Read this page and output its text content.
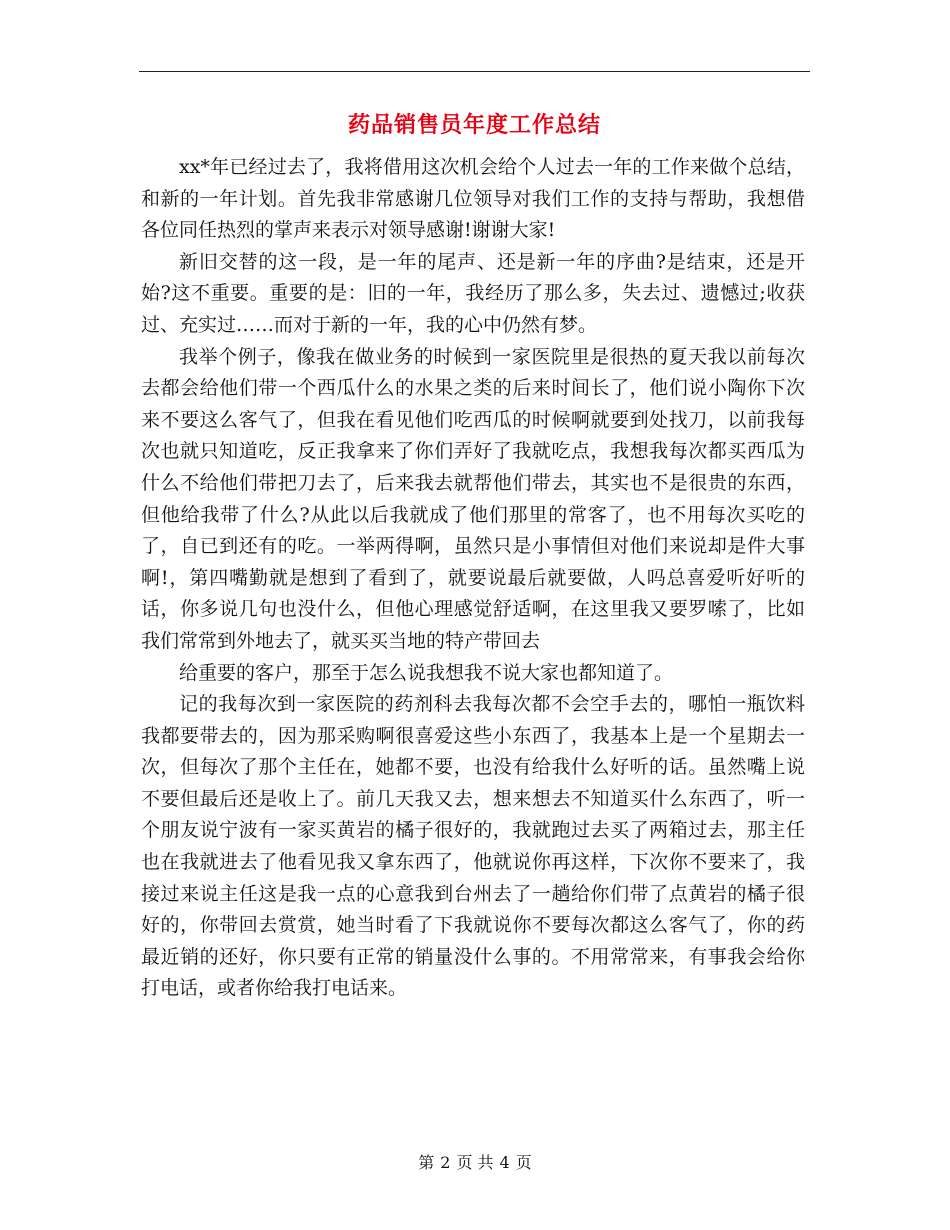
药品销售员年度工作总结

xx*年已经过去了，我将借用这次机会给个人过去一年的工作来做个总结，和新的一年计划。首先我非常感谢几位领导对我们工作的支持与帮助，我想借各位同任热烈的掌声来表示对领导感谢!谢谢大家!

新旧交替的这一段，是一年的尾声、还是新一年的序曲?是结束，还是开始?这不重要。重要的是：旧的一年，我经历了那么多，失去过、遗憾过;收获过、充实过……而对于新的一年，我的心中仍然有梦。

我举个例子，像我在做业务的时候到一家医院里是很热的夏天我以前每次去都会给他们带一个西瓜什么的水果之类的后来时间长了，他们说小陶你下次来不要这么客气了，但我在看见他们吃西瓜的时候啊就要到处找刀，以前我每次也就只知道吃，反正我拿来了你们弄好了我就吃点，我想我每次都买西瓜为什么不给他们带把刀去了，后来我去就帮他们带去，其实也不是很贵的东西，但他给我带了什么?从此以后我就成了他们那里的常客了，也不用每次买吃的了，自已到还有的吃。一举两得啊，虽然只是小事情但对他们来说却是件大事啊!，第四嘴勤就是想到了看到了，就要说最后就要做，人吗总喜爱听好听的话，你多说几句也没什么，但他心理感觉舒适啊，在这里我又要罗嗦了，比如我们常常到外地去了，就买买当地的特产带回去

给重要的客户，那至于怎么说我想我不说大家也都知道了。

记的我每次到一家医院的药剂科去我每次都不会空手去的，哪怕一瓶饮料我都要带去的，因为那采购啊很喜爱这些小东西了，我基本上是一个星期去一次，但每次了那个主任在，她都不要，也没有给我什么好听的话。虽然嘴上说不要但最后还是收上了。前几天我又去，想来想去不知道买什么东西了，听一个朋友说宁波有一家买黄岩的橘子很好的，我就跑过去买了两箱过去，那主任也在我就进去了他看见我又拿东西了，他就说你再这样，下次你不要来了，我接过来说主任这是我一点的心意我到台州去了一趟给你们带了点黄岩的橘子很好的，你带回去赏赏，她当时看了下我就说你不要每次都这么客气了，你的药最近销的还好，你只要有正常的销量没什么事的。不用常常来，有事我会给你打电话，或者你给我打电话来。

第 2 页 共 4 页
